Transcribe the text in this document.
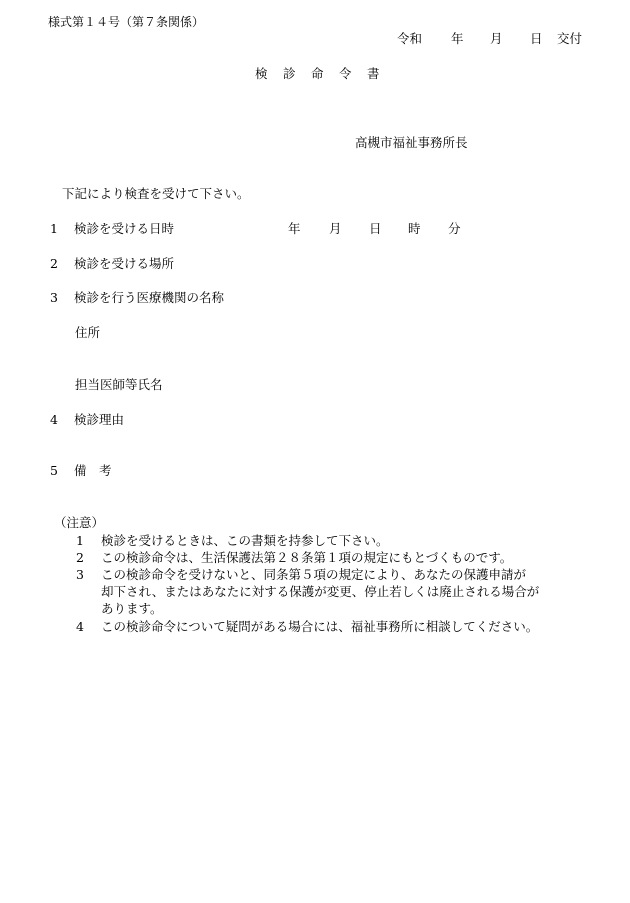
様式第１４号（第７条関係）

令和

年

月

日

交付

検

診

命

令

書

高槻市福祉事務所長
下記により検査を受けて下さい。
1 検診を受ける日時	年 月 日 時 分
2 検診を受ける場所
3 検診を行う医療機関の名称
住所
担当医師等氏名
4 検診理由
5 備　考
（注意）
1 検診を受けるときは、この書類を持参して下さい。
2 この検診命令は、生活保護法第２８条第１項の規定にもとづくものです。
3 この検診命令を受けないと、同条第５項の規定により、あなたの保護申請が
却下され、またはあなたに対する保護が変更、停止若しくは廃止される場合が
あります。
4 この検診命令について疑問がある場合には、福祉事務所に相談してください。
